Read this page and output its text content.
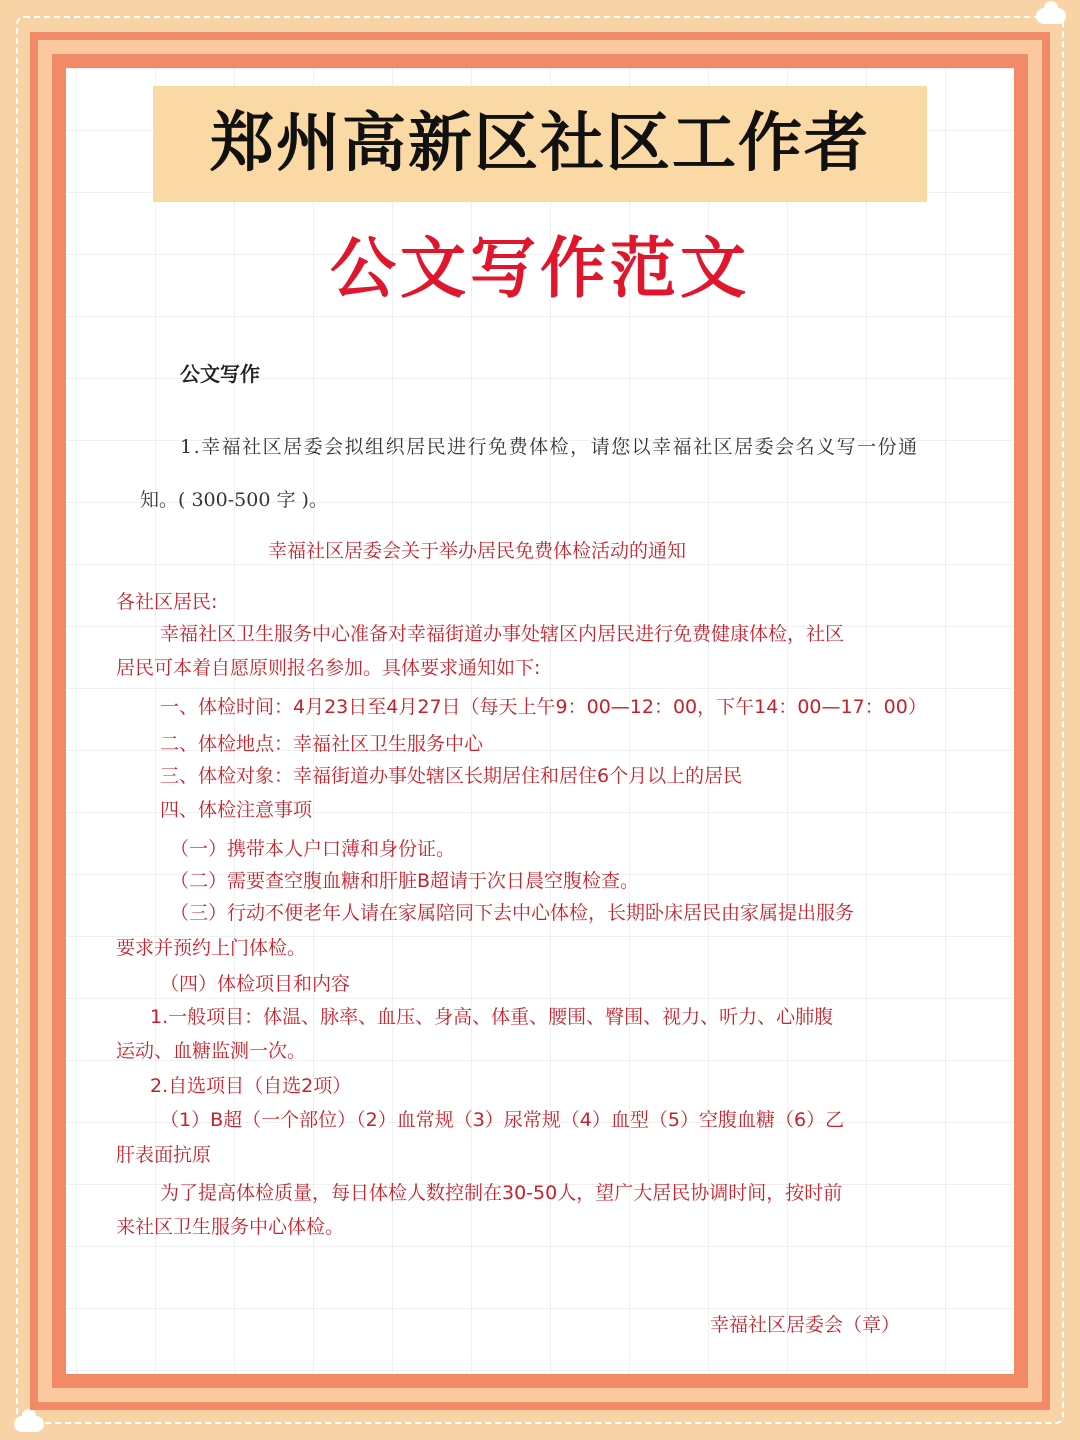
郑州高新区社区工作者
公文写作范文
公文写作
1.幸福社区居委会拟组织居民进行免费体检，请您以幸福社区居委会名义写一份通
知。( 300-500 字 )。
幸福社区居委会关于举办居民免费体检活动的通知
各社区居民:
幸福社区卫生服务中心准备对幸福街道办事处辖区内居民进行免费健康体检，社区
居民可本着自愿原则报名参加。具体要求通知如下:
一、体检时间：4月23日至4月27日（每天上午9：00—12：00，下午14：00—17：00）
二、体检地点：幸福社区卫生服务中心
三、体检对象：幸福街道办事处辖区长期居住和居住6个月以上的居民
四、体检注意事项
（一）携带本人户口薄和身份证。
（二）需要查空腹血糖和肝脏B超请于次日晨空腹检查。
（三）行动不便老年人请在家属陪同下去中心体检，长期卧床居民由家属提出服务
要求并预约上门体检。
（四）体检项目和内容
1.一般项目：体温、脉率、血压、身高、体重、腰围、臀围、视力、听力、心肺腹
运动、血糖监测一次。
2.自选项目（自选2项）
（1）B超（一个部位）（2）血常规（3）尿常规（4）血型（5）空腹血糖（6）乙
肝表面抗原
为了提高体检质量，每日体检人数控制在30-50人，望广大居民协调时间，按时前
来社区卫生服务中心体检。
幸福社区居委会（章）
